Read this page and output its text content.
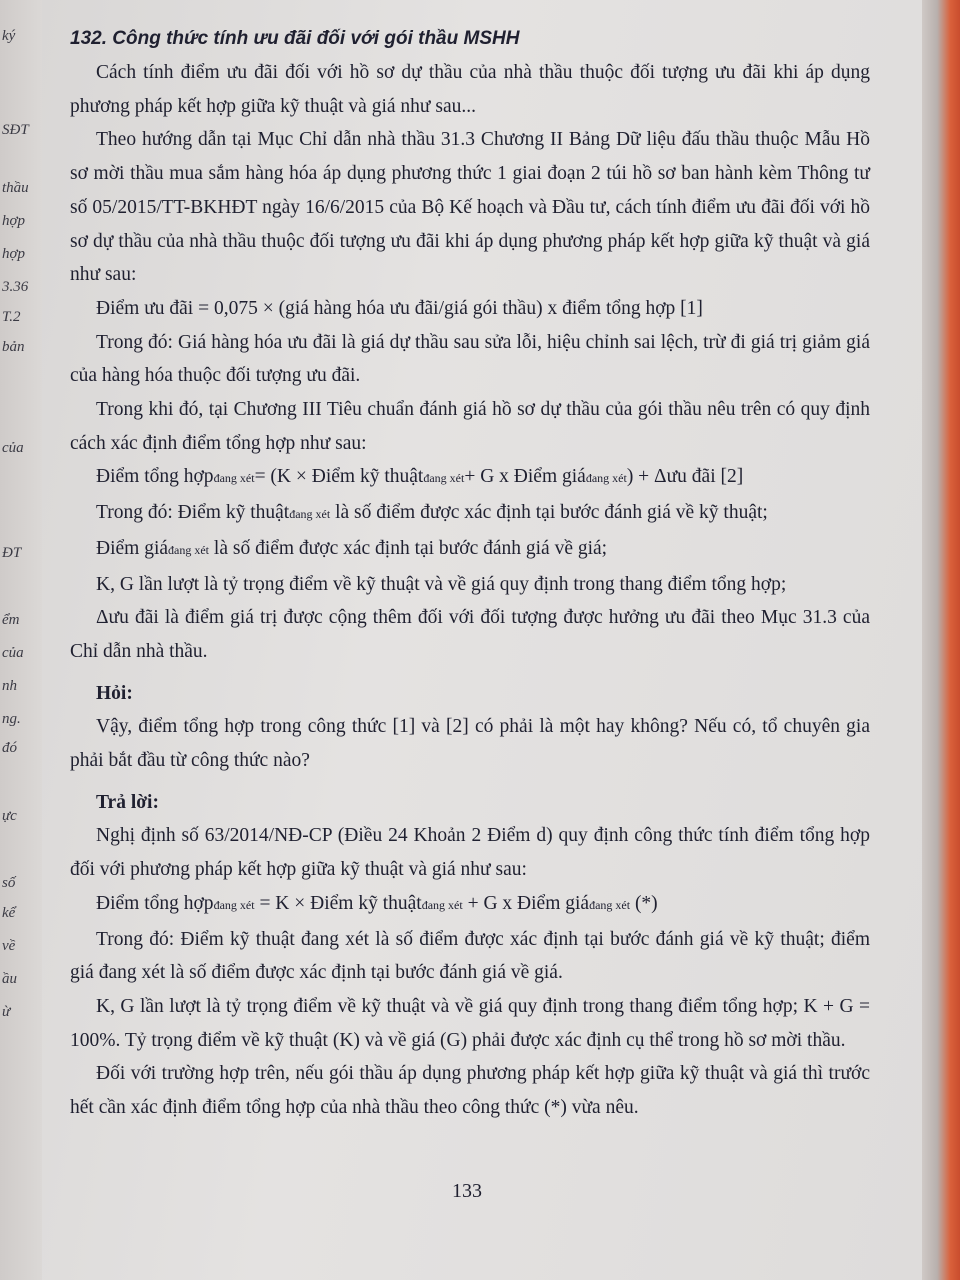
ký
SĐT
thầu
hợp
hợp
3.36
T.2
bản
của
ĐT
ểm
của
nh
ng.
đó
ực
số
kể
về
ầu
ừ

132. Công thức tính ưu đãi đối với gói thầu MSHH

Cách tính điểm ưu đãi đối với hồ sơ dự thầu của nhà thầu thuộc đối tượng ưu đãi khi áp dụng phương pháp kết hợp giữa kỹ thuật và giá như sau...

Theo hướng dẫn tại Mục Chỉ dẫn nhà thầu 31.3 Chương II Bảng Dữ liệu đấu thầu thuộc Mẫu Hồ sơ mời thầu mua sắm hàng hóa áp dụng phương thức 1 giai đoạn 2 túi hồ sơ ban hành kèm Thông tư số 05/2015/TT-BKHĐT ngày 16/6/2015 của Bộ Kế hoạch và Đầu tư, cách tính điểm ưu đãi đối với hồ sơ dự thầu của nhà thầu thuộc đối tượng ưu đãi khi áp dụng phương pháp kết hợp giữa kỹ thuật và giá như sau:

Điểm ưu đãi = 0,075 × (giá hàng hóa ưu đãi/giá gói thầu) x điểm tổng hợp [1]

Trong đó: Giá hàng hóa ưu đãi là giá dự thầu sau sửa lỗi, hiệu chỉnh sai lệch, trừ đi giá trị giảm giá của hàng hóa thuộc đối tượng ưu đãi.

Trong khi đó, tại Chương III Tiêu chuẩn đánh giá hồ sơ dự thầu của gói thầu nêu trên có quy định cách xác định điểm tổng hợp như sau:

Điểm tổng hợpđang xét= (K × Điểm kỹ thuậtđang xét+ G x Điểm giáđang xét) + Δưu đãi [2]

Trong đó: Điểm kỹ thuậtđang xét là số điểm được xác định tại bước đánh giá về kỹ thuật;

Điểm giáđang xét là số điểm được xác định tại bước đánh giá về giá;

K, G lần lượt là tỷ trọng điểm về kỹ thuật và về giá quy định trong thang điểm tổng hợp;

Δưu đãi là điểm giá trị được cộng thêm đối với đối tượng được hưởng ưu đãi theo Mục 31.3 của Chỉ dẫn nhà thầu.

Hỏi:

Vậy, điểm tổng hợp trong công thức [1] và [2] có phải là một hay không? Nếu có, tổ chuyên gia phải bắt đầu từ công thức nào?

Trả lời:

Nghị định số 63/2014/NĐ-CP (Điều 24 Khoản 2 Điểm d) quy định công thức tính điểm tổng hợp đối với phương pháp kết hợp giữa kỹ thuật và giá như sau:

Điểm tổng hợpđang xét = K × Điểm kỹ thuậtđang xét + G x Điểm giáđang xét (*)

Trong đó: Điểm kỹ thuật đang xét là số điểm được xác định tại bước đánh giá về kỹ thuật; điểm giá đang xét là số điểm được xác định tại bước đánh giá về giá.

K, G lần lượt là tỷ trọng điểm về kỹ thuật và về giá quy định trong thang điểm tổng hợp; K + G = 100%. Tỷ trọng điểm về kỹ thuật (K) và về giá (G) phải được xác định cụ thể trong hồ sơ mời thầu.

Đối với trường hợp trên, nếu gói thầu áp dụng phương pháp kết hợp giữa kỹ thuật và giá thì trước hết cần xác định điểm tổng hợp của nhà thầu theo công thức (*) vừa nêu.

133
